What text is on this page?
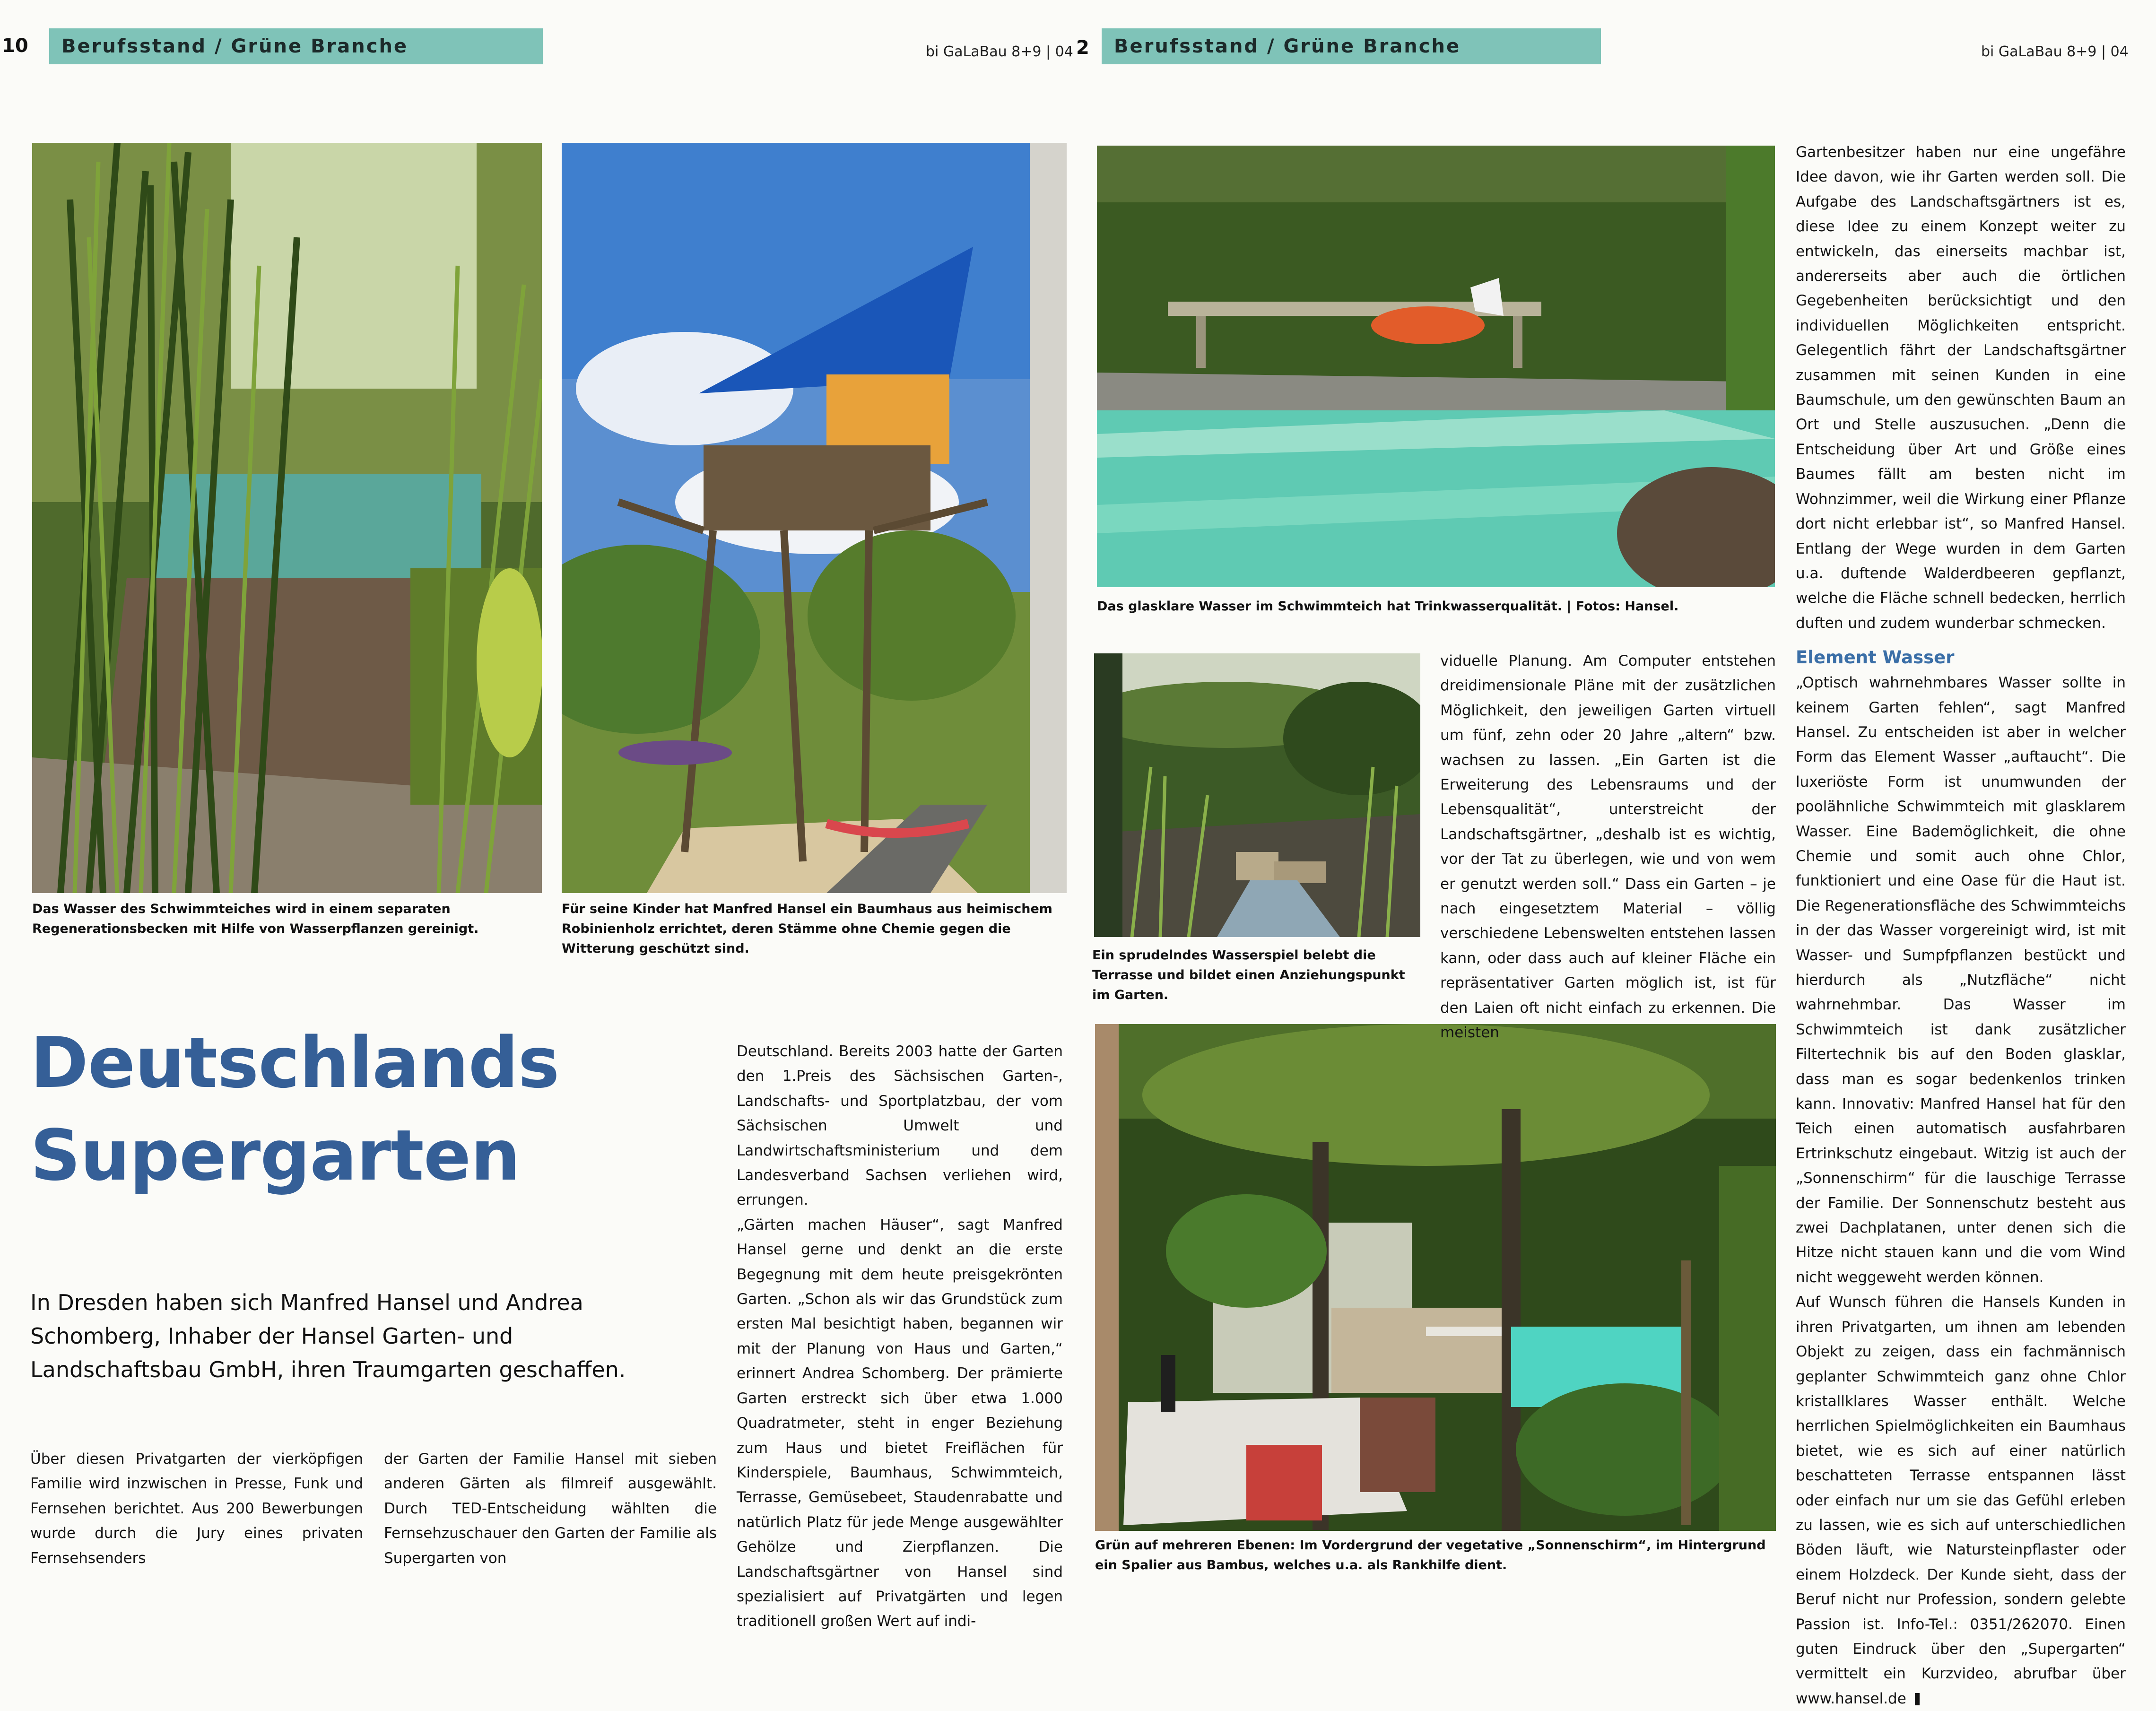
10 Berufsstand / Grüne Branche	bi GaLaBau 8+9 | 04 2 Berufsstand / Grüne Branche	bi GaLaBau 8+9 | 04
Das Wasser des Schwimmteiches wird in einem separaten Regenerationsbecken mit Hilfe von Wasserpflanzen gereinigt.
Für seine Kinder hat Manfred Hansel ein Baumhaus aus heimischem Robinienholz errichtet, deren Stämme ohne Chemie gegen die Witterung geschützt sind.
Das glasklare Wasser im Schwimmteich hat Trinkwasserqualität. | Fotos: Hansel.
Ein sprudelndes Wasserspiel belebt die Terrasse und bildet einen Anziehungspunkt im Garten.
Grün auf mehreren Ebenen: Im Vordergrund der vegetative „Sonnenschirm“, im Hintergrund ein Spalier aus Bambus, welches u.a. als Rankhilfe dient.
Deutschlands
Supergarten
In Dresden haben sich Manfred Hansel und Andrea Schomberg, Inhaber der Hansel Garten- und Landschaftsbau GmbH, ihren Traumgarten geschaffen.

Über diesen Privatgarten der vierköpfigen Familie wird inzwischen in Presse, Funk und Fernsehen berichtet. Aus 200 Bewerbungen wurde durch die Jury eines privaten Fernsehsenders

der Garten der Familie Hansel mit sieben anderen Gärten als filmreif ausgewählt. Durch TED-Entscheidung wählten die Fernsehzuschauer den Garten der Familie als Supergarten von

Deutschland. Bereits 2003 hatte der Garten den 1.Preis des Sächsischen Garten-, Landschafts- und Sportplatzbau, der vom Sächsischen Umwelt und Landwirtschaftsministerium und dem Landesverband Sachsen verliehen wird, errungen.

„Gärten machen Häuser“, sagt Manfred Hansel gerne und denkt an die erste Begegnung mit dem heute preisgekrönten Garten. „Schon als wir das Grundstück zum ersten Mal besichtigt haben, begannen wir mit der Planung von Haus und Garten,“ erinnert Andrea Schomberg. Der prämierte Garten erstreckt sich über etwa 1.000 Quadratmeter, steht in enger Beziehung zum Haus und bietet Freiflächen für Kinderspiele, Baumhaus, Schwimmteich, Terrasse, Gemüsebeet, Staudenrabatte und natürlich Platz für jede Menge ausgewählter Gehölze und Zierpflanzen. Die Landschaftsgärtner von Hansel sind spezialisiert auf Privatgärten und legen traditionell großen Wert auf indi-

viduelle Planung. Am Computer entstehen dreidimensionale Pläne mit der zusätzlichen Möglichkeit, den jeweiligen Garten virtuell um fünf, zehn oder 20 Jahre „altern“ bzw. wachsen zu lassen. „Ein Garten ist die Erweiterung des Lebensraums und der Lebensqualität“, unterstreicht der Landschaftsgärtner, „deshalb ist es wichtig, vor der Tat zu überlegen, wie und von wem er genutzt werden soll.“ Dass ein Garten – je nach eingesetztem Material – völlig verschiedene Lebenswelten entstehen lassen kann, oder dass auch auf kleiner Fläche ein repräsentativer Garten möglich ist, ist für den Laien oft nicht einfach zu erkennen. Die meisten

Gartenbesitzer haben nur eine ungefähre Idee davon, wie ihr Garten werden soll. Die Aufgabe des Landschaftsgärtners ist es, diese Idee zu einem Konzept weiter zu entwickeln, das einerseits machbar ist, andererseits aber auch die örtlichen Gegebenheiten berücksichtigt und den individuellen Möglichkeiten entspricht. Gelegentlich fährt der Landschaftsgärtner zusammen mit seinen Kunden in eine Baumschule, um den gewünschten Baum an Ort und Stelle auszusuchen. „Denn die Entscheidung über Art und Größe eines Baumes fällt am besten nicht im Wohnzimmer, weil die Wirkung einer Pflanze dort nicht erlebbar ist“, so Manfred Hansel. Entlang der Wege wurden in dem Garten u.a. duftende Walderdbeeren gepflanzt, welche die Fläche schnell bedecken, herrlich duften und zudem wunderbar schmecken.

Element Wasser

„Optisch wahrnehmbares Wasser sollte in keinem Garten fehlen“, sagt Manfred Hansel. Zu entscheiden ist aber in welcher Form das Element Wasser „auftaucht“. Die luxeriöste Form ist unumwunden der poolähnliche Schwimmteich mit glasklarem Wasser. Eine Bademöglichkeit, die ohne Chemie und somit auch ohne Chlor, funktioniert und eine Oase für die Haut ist. Die Regenerationsfläche des Schwimmteichs in der das Wasser vorgereinigt wird, ist mit Wasser- und Sumpfpflanzen bestückt und hierdurch als „Nutzfläche“ nicht wahrnehmbar. Das Wasser im Schwimmteich ist dank zusätzlicher Filtertechnik bis auf den Boden glasklar, dass man es sogar bedenkenlos trinken kann. Innovativ: Manfred Hansel hat für den Teich einen automatisch ausfahrbaren Ertrinkschutz eingebaut. Witzig ist auch der „Sonnenschirm“ für die lauschige Terrasse der Familie. Der Sonnenschutz besteht aus zwei Dachplatanen, unter denen sich die Hitze nicht stauen kann und die vom Wind nicht weggeweht werden können.

Auf Wunsch führen die Hansels Kunden in ihren Privatgarten, um ihnen am lebenden Objekt zu zeigen, dass ein fachmännisch geplanter Schwimmteich ganz ohne Chlor kristallklares Wasser enthält. Welche herrlichen Spielmöglichkeiten ein Baumhaus bietet, wie es sich auf einer natürlich beschatteten Terrasse entspannen lässt oder einfach nur um sie das Gefühl erleben zu lassen, wie es sich auf unterschiedlichen Böden läuft, wie Natursteinpflaster oder einem Holzdeck. Der Kunde sieht, dass der Beruf nicht nur Profession, sondern gelebte Passion ist. Info-Tel.: 0351/262070. Einen guten Eindruck über den „Supergarten“ vermittelt ein Kurzvideo, abrufbar über www.hansel.de
